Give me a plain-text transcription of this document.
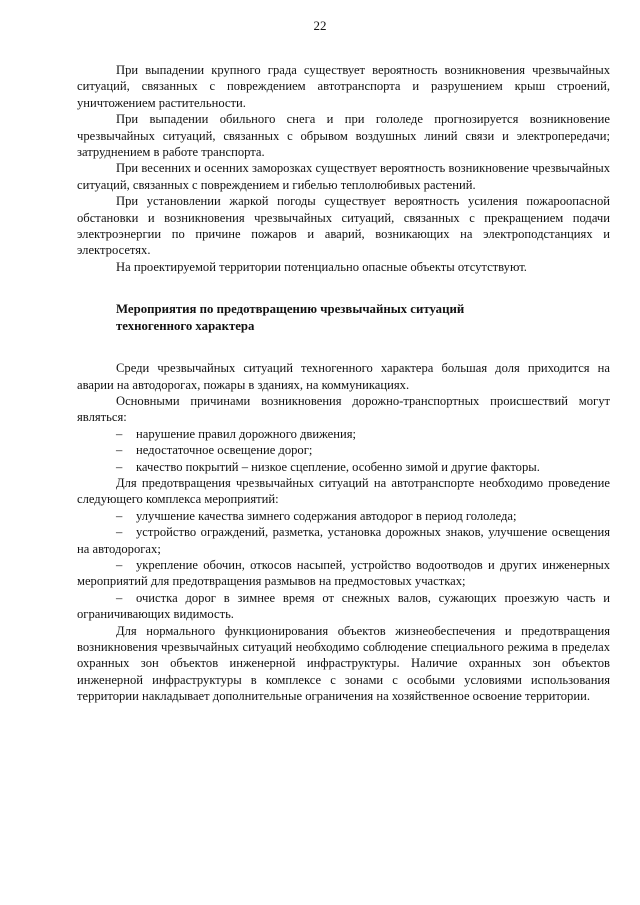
22

При выпадении крупного града существует вероятность возникновения чрезвычайных ситуаций, связанных с повреждением автотранспорта и разрушением крыш строений, уничтожением растительности.

При выпадении обильного снега и при гололеде прогнозируется возникновение чрезвычайных ситуаций, связанных с обрывом воздушных линий связи и электропередачи; затруднением в работе транспорта.

При весенних и осенних заморозках существует вероятность возникновение чрезвычайных ситуаций, связанных с повреждением и гибелью теплолюбивых растений.

При установлении жаркой погоды существует вероятность усиления пожароопасной обстановки и возникновения чрезвычайных ситуаций, связанных с прекращением подачи электроэнергии по причине пожаров и аварий, возникающих на электроподстанциях и электросетях.

На проектируемой территории потенциально опасные объекты отсутствуют.

Мероприятия по предотвращению чрезвычайных ситуаций

техногенного характера

Среди чрезвычайных ситуаций техногенного характера большая доля приходится на аварии на автодорогах, пожары в зданиях, на коммуникациях.

Основными причинами возникновения дорожно-транспортных происшествий могут являться:

– нарушение правил дорожного движения;

– недостаточное освещение дорог;

– качество покрытий – низкое сцепление, особенно зимой и другие факторы.

Для предотвращения чрезвычайных ситуаций на автотранспорте необходимо проведение следующего комплекса мероприятий:

– улучшение качества зимнего содержания автодорог в период гололеда;

– устройство ограждений, разметка, установка дорожных знаков, улучшение освещения на автодорогах;

– укрепление обочин, откосов насыпей, устройство водоотводов и других инженерных мероприятий для предотвращения размывов на предмостовых участках;

– очистка дорог в зимнее время от снежных валов, сужающих проезжую часть и ограничивающих видимость.

Для нормального функционирования объектов жизнеобеспечения и предотвращения возникновения чрезвычайных ситуаций необходимо соблюдение специального режима в пределах охранных зон объектов инженерной инфраструктуры. Наличие охранных зон объектов инженерной инфраструктуры в комплексе с зонами с особыми условиями использования территории накладывает дополнительные ограничения на хозяйственное освоение территории.
